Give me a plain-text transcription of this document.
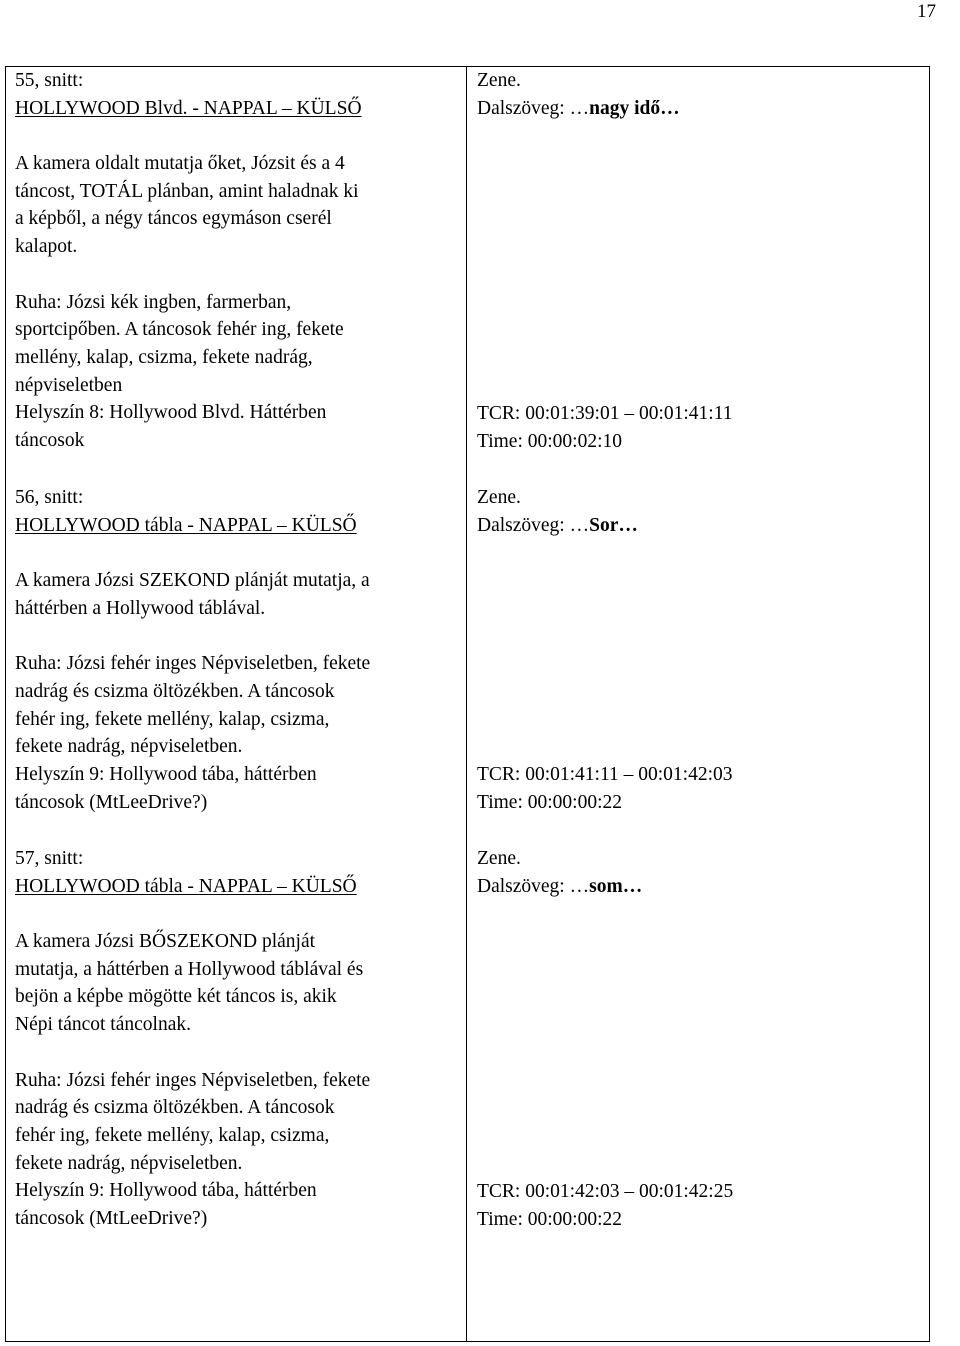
17
55, snitt:
HOLLYWOOD Blvd. - NAPPAL – KÜLSŐ
A kamera oldalt mutatja őket, Józsit és a 4
táncost, TOTÁL plánban, amint haladnak ki
a képből, a négy táncos egymáson cserél
kalapot.
Ruha: Józsi kék ingben, farmerban,
sportcipőben. A táncosok fehér ing, fekete
mellény, kalap, csizma, fekete nadrág,
népviseletben
Helyszín 8: Hollywood Blvd. Háttérben
táncosok
56, snitt:
HOLLYWOOD tábla - NAPPAL – KÜLSŐ
A kamera Józsi SZEKOND plánját mutatja, a
háttérben a Hollywood táblával.
Ruha: Józsi fehér inges Népviseletben, fekete
nadrág és csizma öltözékben. A táncosok
fehér ing, fekete mellény, kalap, csizma,
fekete nadrág, népviseletben.
Helyszín 9: Hollywood tába, háttérben
táncosok (MtLeeDrive?)
57, snitt:
HOLLYWOOD tábla - NAPPAL – KÜLSŐ
A kamera Józsi BŐSZEKOND plánját
mutatja, a háttérben a Hollywood táblával és
bejön a képbe mögötte két táncos is, akik
Népi táncot táncolnak.
Ruha: Józsi fehér inges Népviseletben, fekete
nadrág és csizma öltözékben. A táncosok
fehér ing, fekete mellény, kalap, csizma,
fekete nadrág, népviseletben.
Helyszín 9: Hollywood tába, háttérben
táncosok (MtLeeDrive?)
Zene.
Dalszöveg: …nagy idő…
TCR: 00:01:39:01 – 00:01:41:11
Time: 00:00:02:10
Zene.
Dalszöveg: …Sor…
TCR: 00:01:41:11 – 00:01:42:03
Time: 00:00:00:22
Zene.
Dalszöveg: …som…
TCR: 00:01:42:03 – 00:01:42:25
Time: 00:00:00:22
